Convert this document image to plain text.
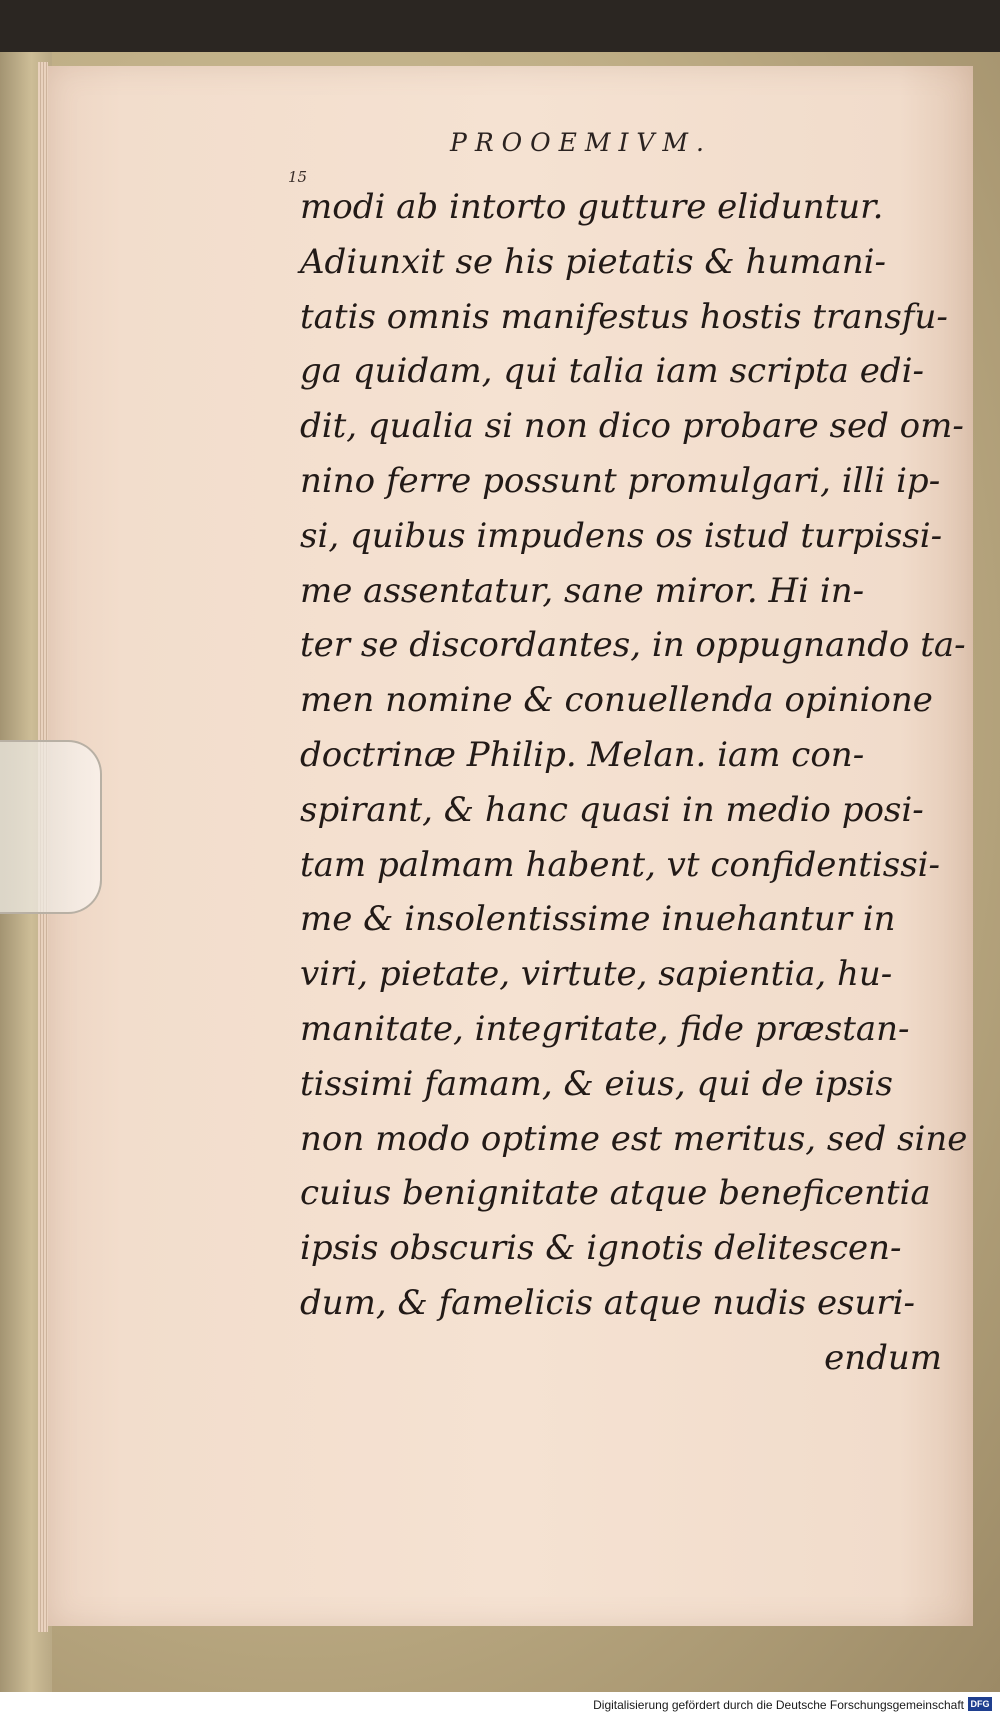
PROOEMIVM.
15
modi ab intorto gutture eliduntur.
Adiunxit se his pietatis & humani-
tatis omnis manifestus hostis transfu-
ga quidam, qui talia iam scripta edi-
dit, qualia si non dico probare sed om-
nino ferre possunt promulgari, illi ip-
si, quibus impudens os istud turpissi-
me assentatur, sane miror. Hi in-
ter se discordantes, in oppugnando ta-
men nomine & conuellenda opinione
doctrinæ Philip. Melan. iam con-
spirant, & hanc quasi in medio posi-
tam palmam habent, vt confidentissi-
me & insolentissime inuehantur in
viri, pietate, virtute, sapientia, hu-
manitate, integritate, fide præstan-
tissimi famam, & eius, qui de ipsis
non modo optime est meritus, sed sine
cuius benignitate atque beneficentia
ipsis obscuris & ignotis delitescen-
dum, & famelicis atque nudis esuri-
endum
Digitalisierung gefördert durch die Deutsche Forschungsgemeinschaft DFG
